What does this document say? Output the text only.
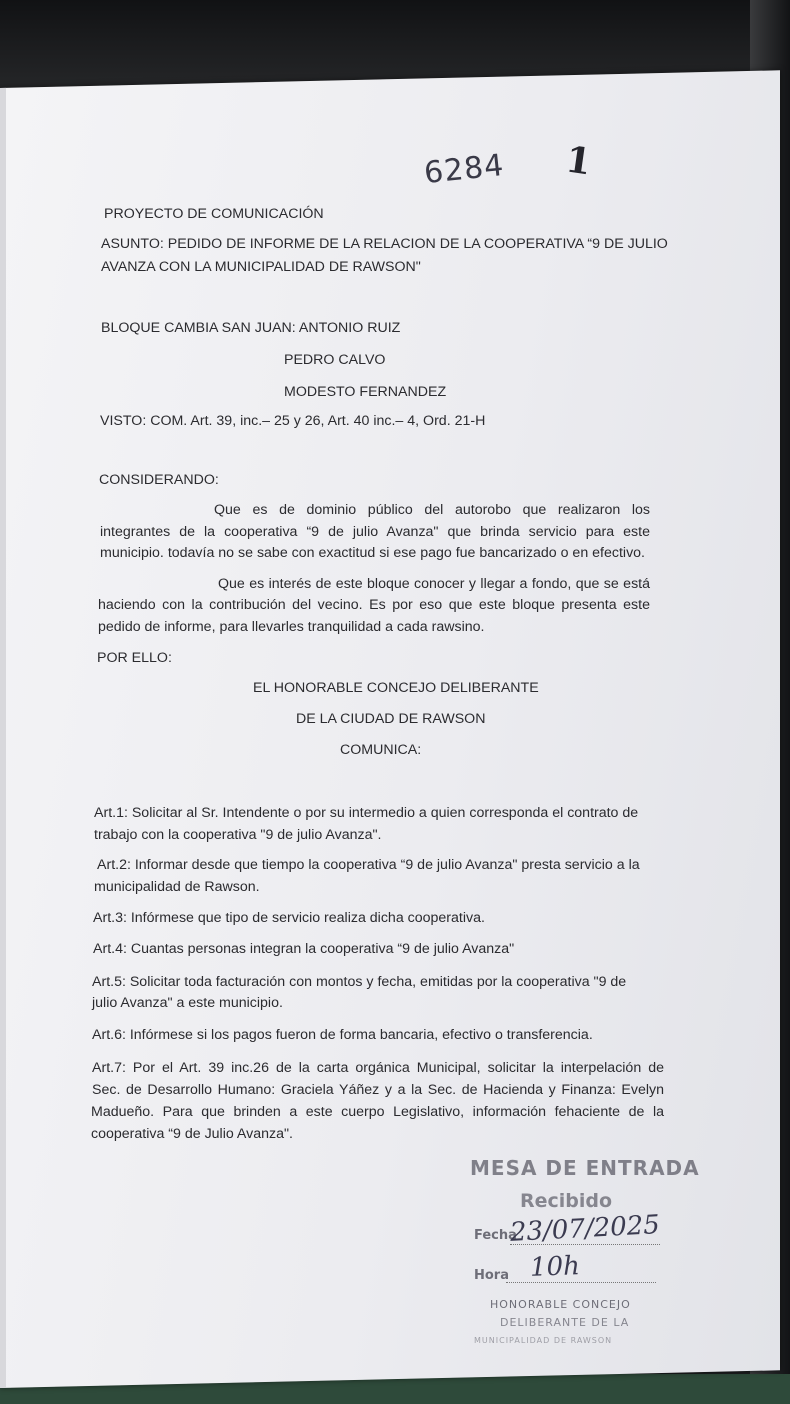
6284 1
PROYECTO DE COMUNICACIÓN
ASUNTO: PEDIDO DE INFORME DE LA RELACION DE LA COOPERATIVA “9 DE JULIO
AVANZA CON LA MUNICIPALIDAD DE RAWSON"
BLOQUE CAMBIA SAN JUAN: ANTONIO RUIZ
PEDRO CALVO
MODESTO FERNANDEZ
VISTO: COM. Art. 39, inc.– 25 y 26, Art. 40 inc.– 4, Ord. 21-H
CONSIDERANDO:
Que es de dominio público del autorobo que realizaron los
integrantes de la cooperativa “9 de julio Avanza" que brinda servicio para este
municipio. todavía no se sabe con exactitud si ese pago fue bancarizado o en efectivo.
Que es interés de este bloque conocer y llegar a fondo, que se está
haciendo con la contribución del vecino. Es por eso que este bloque presenta este
pedido de informe, para llevarles tranquilidad a cada rawsino.
POR ELLO:
EL HONORABLE CONCEJO DELIBERANTE
DE LA CIUDAD DE RAWSON
COMUNICA:
Art.1: Solicitar al Sr. Intendente o por su intermedio a quien corresponda el contrato de
trabajo con la cooperativa "9 de julio Avanza".
Art.2: Informar desde que tiempo la cooperativa “9 de julio Avanza" presta servicio a la
municipalidad de Rawson.
Art.3: Infórmese que tipo de servicio realiza dicha cooperativa.
Art.4: Cuantas personas integran la cooperativa “9 de julio Avanza"
Art.5: Solicitar toda facturación con montos y fecha, emitidas por la cooperativa "9 de
julio Avanza" a este municipio.
Art.6: Infórmese si los pagos fueron de forma bancaria, efectivo o transferencia.
Art.7: Por el Art. 39 inc.26 de la carta orgánica Municipal, solicitar la interpelación de
Sec. de Desarrollo Humano: Graciela Yáñez y a la Sec. de Hacienda y Finanza: Evelyn
Madueño. Para que brinden a este cuerpo Legislativo, información fehaciente de la
cooperativa “9 de Julio Avanza".
MESA DE ENTRADA
Recibido
Fecha
23/07/2025
Hora 10h
HONORABLE CONCEJO
DELIBERANTE DE LA
MUNICIPALIDAD DE RAWSON
